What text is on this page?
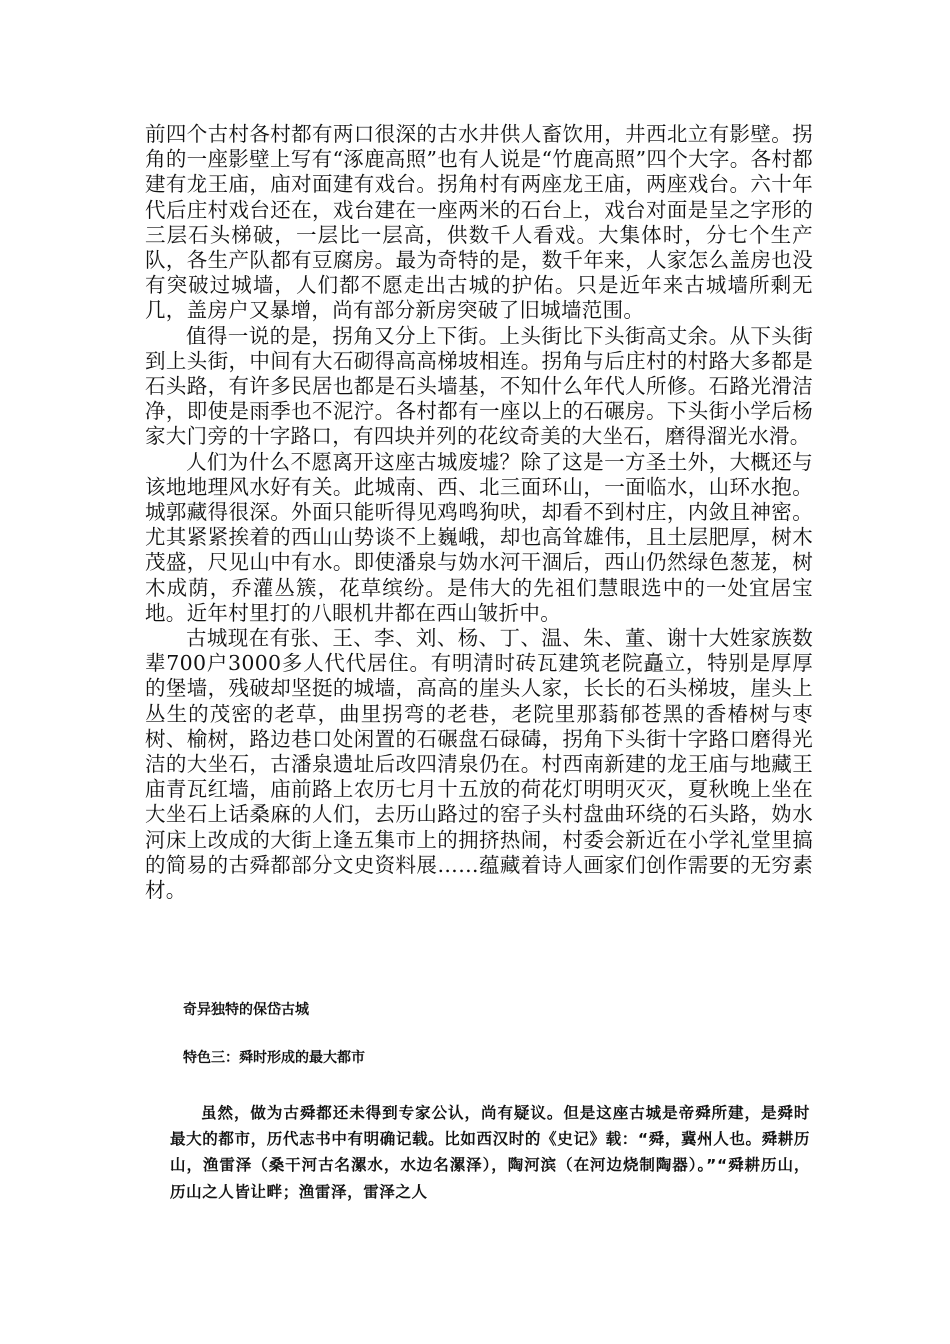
前四个古村各村都有两口很深的古水井供人畜饮用，井西北立有影壁。拐角的一座影壁上写有“涿鹿高照”也有人说是“竹鹿高照”四个大字。各村都建有龙王庙，庙对面建有戏台。拐角村有两座龙王庙，两座戏台。六十年代后庄村戏台还在，戏台建在一座两米的石台上，戏台对面是呈之字形的三层石头梯破，一层比一层高，供数千人看戏。大集体时，分七个生产队，各生产队都有豆腐房。最为奇特的是，数千年来，人家怎么盖房也没有突破过城墙，人们都不愿走出古城的护佑。只是近年来古城墙所剩无几，盖房户又暴增，尚有部分新房突破了旧城墙范围。

值得一说的是，拐角又分上下街。上头街比下头街高丈余。从下头街到上头街，中间有大石砌得高高梯坡相连。拐角与后庄村的村路大多都是石头路，有许多民居也都是石头墙基，不知什么年代人所修。石路光滑洁净，即使是雨季也不泥泞。各村都有一座以上的石碾房。下头街小学后杨家大门旁的十字路口，有四块并列的花纹奇美的大坐石，磨得溜光水滑。

人们为什么不愿离开这座古城废墟？除了这是一方圣土外，大概还与该地地理风水好有关。此城南、西、北三面环山，一面临水，山环水抱。城郭藏得很深。外面只能听得见鸡鸣狗吠，却看不到村庄，内敛且神密。尤其紧紧挨着的西山山势谈不上巍峨，却也高耸雄伟，且土层肥厚，树木茂盛，尺见山中有水。即使潘泉与妫水河干涸后，西山仍然绿色葱茏，树木成荫，乔灌丛簇，花草缤纷。是伟大的先祖们慧眼选中的一处宜居宝地。近年村里打的八眼机井都在西山皱折中。

古城现在有张、王、李、刘、杨、丁、温、朱、董、谢十大姓家族数辈700户3000多人代代居住。有明清时砖瓦建筑老院矗立，特别是厚厚的堡墙，残破却坚挺的城墙，高高的崖头人家，长长的石头梯坡，崖头上丛生的茂密的老草，曲里拐弯的老巷，老院里那蓊郁苍黑的香椿树与枣树、榆树，路边巷口处闲置的石碾盘石碌碡，拐角下头街十字路口磨得光洁的大坐石，古潘泉遗址后改四清泉仍在。村西南新建的龙王庙与地藏王庙青瓦红墙，庙前路上农历七月十五放的荷花灯明明灭灭，夏秋晚上坐在大坐石上话桑麻的人们，去历山路过的窑子头村盘曲环绕的石头路，妫水河床上改成的大街上逢五集市上的拥挤热闹，村委会新近在小学礼堂里搞的简易的古舜都部分文史资料展……蕴藏着诗人画家们创作需要的无穷素材。

奇异独特的保岱古城
特色三：舜时形成的最大都市

虽然，做为古舜都还未得到专家公认，尚有疑议。但是这座古城是帝舜所建，是舜时最大的都市，历代志书中有明确记载。比如西汉时的《史记》载：“舜，冀州人也。舜耕历山，渔雷泽（桑干河古名漯水，水边名漯泽），陶河滨（在河边烧制陶器）。”“舜耕历山，历山之人皆让畔；渔雷泽，雷泽之人
